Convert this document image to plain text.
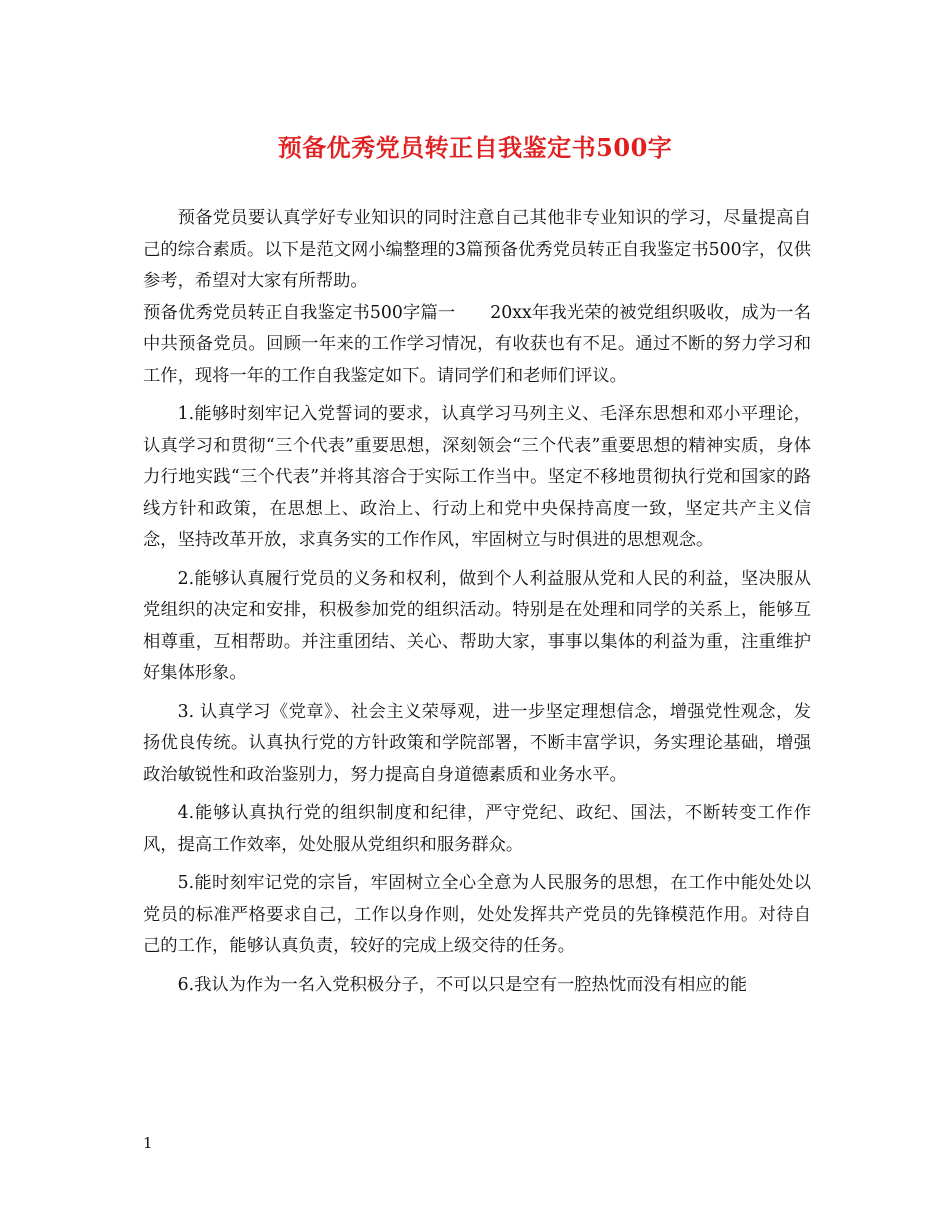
预备优秀党员转正自我鉴定书500字

预备党员要认真学好专业知识的同时注意自己其他非专业知识的学习，尽量提高自己的综合素质。以下是范文网小编整理的3篇预备优秀党员转正自我鉴定书500字，仅供参考，希望对大家有所帮助。

预备优秀党员转正自我鉴定书500字篇一　　20xx年我光荣的被党组织吸收，成为一名中共预备党员。回顾一年来的工作学习情况，有收获也有不足。通过不断的努力学习和工作，现将一年的工作自我鉴定如下。请同学们和老师们评议。

1.能够时刻牢记入党誓词的要求，认真学习马列主义、毛泽东思想和邓小平理论，认真学习和贯彻“三个代表”重要思想，深刻领会“三个代表”重要思想的精神实质，身体力行地实践“三个代表”并将其溶合于实际工作当中。坚定不移地贯彻执行党和国家的路线方针和政策，在思想上、政治上、行动上和党中央保持高度一致，坚定共产主义信念，坚持改革开放，求真务实的工作作风，牢固树立与时俱进的思想观念。

2.能够认真履行党员的义务和权利，做到个人利益服从党和人民的利益，坚决服从党组织的决定和安排，积极参加党的组织活动。特别是在处理和同学的关系上，能够互相尊重，互相帮助。并注重团结、关心、帮助大家，事事以集体的利益为重，注重维护好集体形象。

3. 认真学习《党章》、社会主义荣辱观，进一步坚定理想信念，增强党性观念，发扬优良传统。认真执行党的方针政策和学院部署，不断丰富学识，务实理论基础，增强政治敏锐性和政治鉴别力，努力提高自身道德素质和业务水平。

4.能够认真执行党的组织制度和纪律，严守党纪、政纪、国法，不断转变工作作风，提高工作效率，处处服从党组织和服务群众。

5.能时刻牢记党的宗旨，牢固树立全心全意为人民服务的思想，在工作中能处处以党员的标准严格要求自己，工作以身作则，处处发挥共产党员的先锋模范作用。对待自己的工作，能够认真负责，较好的完成上级交待的任务。

6.我认为作为一名入党积极分子，不可以只是空有一腔热忱而没有相应的能

1
